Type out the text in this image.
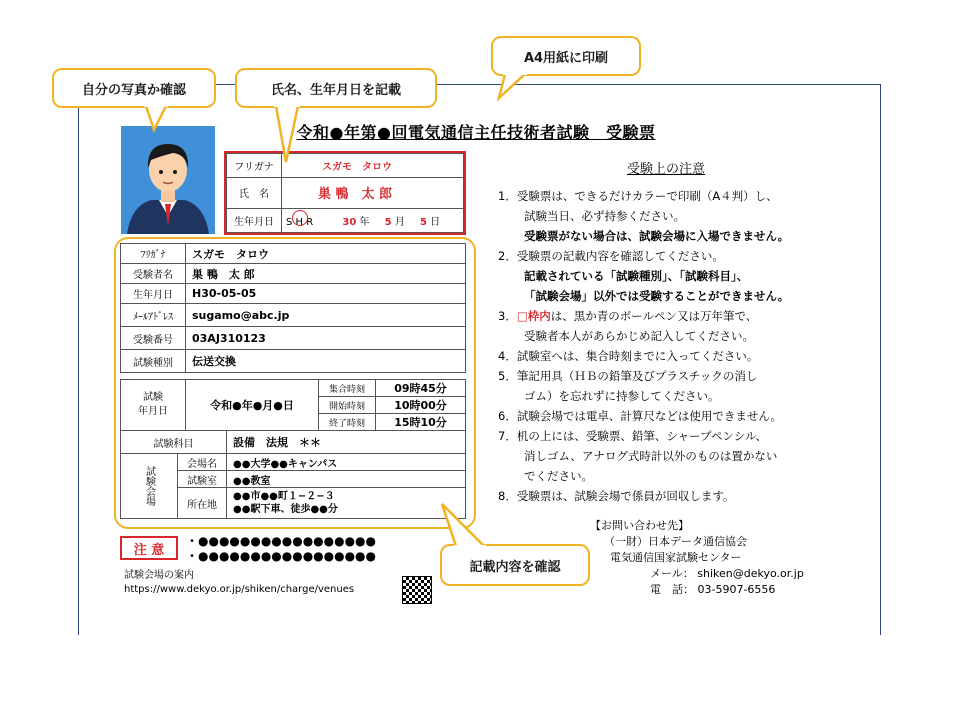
令和●年第●回電気通信主任技術者試験　受験票
フリガナ	スガモ　タロウ
氏　名	巣 鴨　太 郎
生年月日	S H R 30 年 5 月 5 日
ﾌﾘｶﾞﾅ	スガモ　タロウ
受験者名	巣 鴨　太 郎
生年月日	H30-05-05
ﾒｰﾙｱﾄﾞﾚｽ	sugamo@abc.jp
受験番号	03AJ310123
試験種別	伝送交換
試験
年月日	令和●年●月●日	集合時刻	09時45分
		開始時刻	10時00分
		終了時刻	15時10分
試験科目		設備　法規　＊＊
試験会場	会場名	●●大学●●キャンパス
	試験室	●●教室
	所在地	●●市●●町１−２−３
●●駅下車、徒歩●●分
注 意
・●●●●●●●●●●●●●●●●●
・●●●●●●●●●●●●●●●●●
試験会場の案内
https://www.dekyo.or.jp/shiken/charge/venues
受験上の注意
1．受験票は、できるだけカラーで印刷（A４判）し、
試験当日、必ず持参ください。
受験票がない場合は、試験会場に入場できません。
2．受験票の記載内容を確認してください。
記載されている「試験種別」、「試験科目」、
「試験会場」以外では受験することができません。
3．□枠内は、黒か青のボールペン又は万年筆で、
受験者本人があらかじめ記入してください。
4．試験室へは、集合時刻までに入ってください。
5．筆記用具（ＨＢの鉛筆及びプラスチックの消し
ゴム）を忘れずに持参してください。
6．試験会場では電卓、計算尺などは使用できません。
7．机の上には、受験票、鉛筆、シャープペンシル、
消しゴム、アナログ式時計以外のものは置かない
でください。
8．受験票は、試験会場で係員が回収します。
【お問い合わせ先】
（一財）日本データ通信協会
電気通信国家試験センター
メール： shiken@dekyo.or.jp
電　話： 03-5907-6556
自分の写真か確認	氏名、生年月日を記載
A4用紙に印刷
記載内容を確認
